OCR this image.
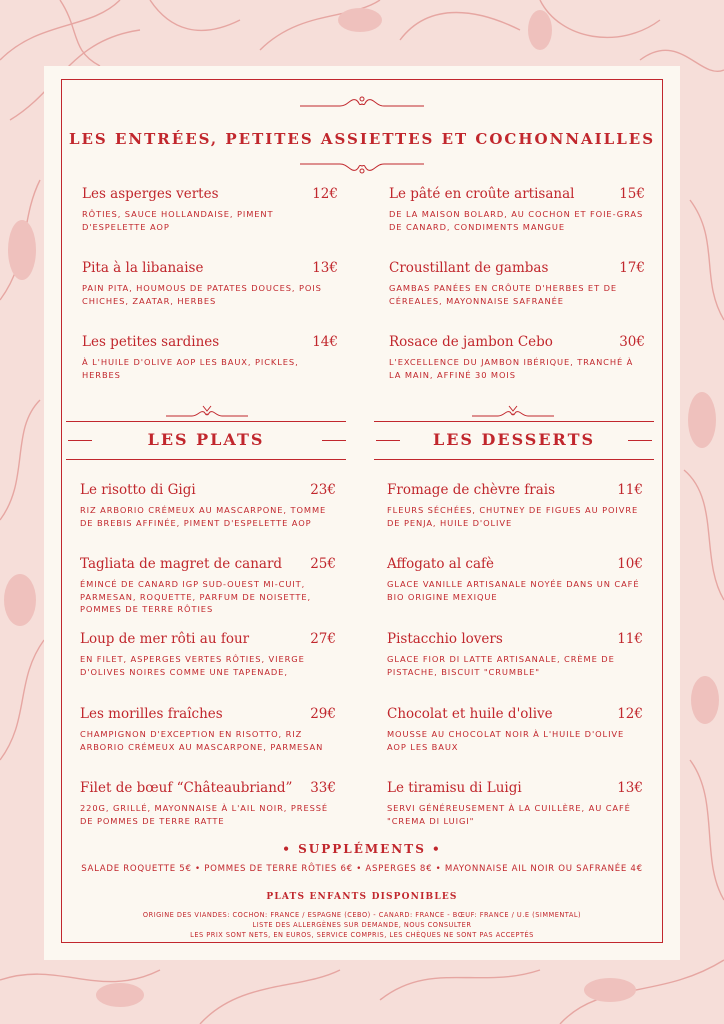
LES ENTRÉES, PETITES ASSIETTES ET COCHONNAILLES
Les asperges vertes	12€
RÔTIES, SAUCE HOLLANDAISE, PIMENT D'ESPELETTE AOP
Le pâté en croûte artisanal	15€
DE LA MAISON BOLARD, AU COCHON ET FOIE-GRAS DE CANARD, CONDIMENTS MANGUE
Pita à la libanaise	13€
PAIN PITA, HOUMOUS DE PATATES DOUCES, POIS CHICHES, ZAATAR, HERBES
Croustillant de gambas	17€
GAMBAS PANÉES EN CRÔUTE D'HERBES ET DE CÉREALES, MAYONNAISE SAFRANÉE
Les petites sardines	14€
À L'HUILE D'OLIVE AOP LES BAUX, PICKLES, HERBES
Rosace de jambon Cebo	30€
L'EXCELLENCE DU JAMBON IBÉRIQUE, TRANCHÉ À LA MAIN, AFFINÉ 30 MOIS
LES PLATS	LES DESSERTS
Le risotto di Gigi	23€
RIZ ARBORIO CRÉMEUX AU MASCARPONE, TOMME DE BREBIS AFFINÉE, PIMENT D'ESPELETTE AOP
Tagliata de magret de canard 25€
ÉMINCÉ DE CANARD IGP SUD-OUEST MI-CUIT, PARMESAN, ROQUETTE, PARFUM DE NOISETTE, POMMES DE TERRE RÔTIES
Loup de mer rôti au four	27€
EN FILET, ASPERGES VERTES RÔTIES, VIERGE D'OLIVES NOIRES COMME UNE TAPENADE,
Les morilles fraîches	29€
CHAMPIGNON D'EXCEPTION EN RISOTTO, RIZ ARBORIO CRÉMEUX AU MASCARPONE, PARMESAN
Filet de bœuf “Châteaubriand” 33€
220G, GRILLÉ, MAYONNAISE À L'AIL NOIR, PRESSÉ DE POMMES DE TERRE RATTE
Fromage de chèvre frais	11€
FLEURS SÉCHÉES, CHUTNEY DE FIGUES AU POIVRE DE PENJA, HUILE D'OLIVE
Affogato al cafè	10€
GLACE VANILLE ARTISANALE NOYÉE DANS UN CAFÉ BIO ORIGINE MEXIQUE
Pistacchio lovers	11€
GLACE FIOR DI LATTE ARTISANALE, CRÈME DE PISTACHE, BISCUIT "CRUMBLE"
Chocolat et huile d'olive	12€
MOUSSE AU CHOCOLAT NOIR À L'HUILE D'OLIVE AOP LES BAUX
Le tiramisu di Luigi	13€
SERVI GÉNÉREUSEMENT À LA CUILLÈRE, AU CAFÉ "CREMA DI LUIGI"
• SUPPLÉMENTS •
SALADE ROQUETTE 5€ • POMMES DE TERRE RÔTIES 6€ • ASPERGES 8€ • MAYONNAISE AIL NOIR OU SAFRANÉE 4€
PLATS ENFANTS DISPONIBLES
ORIGINE DES VIANDES: COCHON: FRANCE / ESPAGNE (CEBO) - CANARD: FRANCE - BŒUF: FRANCE / U.E (SIMMENTAL)
LISTE DES ALLERGÈNES SUR DEMANDE, NOUS CONSULTER
LES PRIX SONT NETS, EN EUROS, SERVICE COMPRIS, LES CHÈQUES NE SONT PAS ACCEPTÉS
